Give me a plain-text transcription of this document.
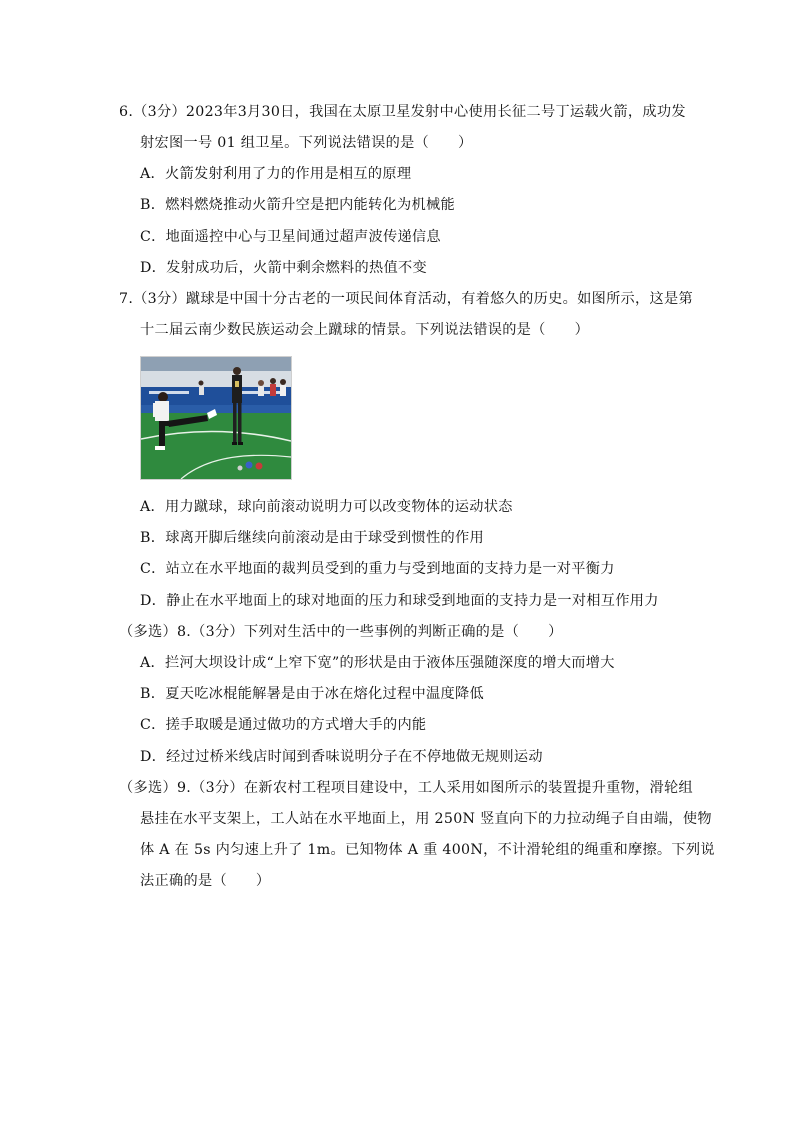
6.（3分）2023年3月30日，我国在太原卫星发射中心使用长征二号丁运载火箭，成功发
射宏图一号 01 组卫星。下列说法错误的是（　　）
A．火箭发射利用了力的作用是相互的原理
B．燃料燃烧推动火箭升空是把内能转化为机械能
C．地面遥控中心与卫星间通过超声波传递信息
D．发射成功后，火箭中剩余燃料的热值不变
7.（3分）蹴球是中国十分古老的一项民间体育活动，有着悠久的历史。如图所示，这是第
十二届云南少数民族运动会上蹴球的情景。下列说法错误的是（　　）
A．用力蹴球，球向前滚动说明力可以改变物体的运动状态
B．球离开脚后继续向前滚动是由于球受到惯性的作用
C．站立在水平地面的裁判员受到的重力与受到地面的支持力是一对平衡力
D．静止在水平地面上的球对地面的压力和球受到地面的支持力是一对相互作用力
（多选）8.（3分）下列对生活中的一些事例的判断正确的是（　　）
A．拦河大坝设计成“上窄下宽”的形状是由于液体压强随深度的增大而增大
B．夏天吃冰棍能解暑是由于冰在熔化过程中温度降低
C．搓手取暖是通过做功的方式增大手的内能
D．经过过桥米线店时闻到香味说明分子在不停地做无规则运动
（多选）9.（3分）在新农村工程项目建设中，工人采用如图所示的装置提升重物，滑轮组
悬挂在水平支架上，工人站在水平地面上，用 250N 竖直向下的力拉动绳子自由端，使物
体 A 在 5s 内匀速上升了 1m。已知物体 A 重 400N，不计滑轮组的绳重和摩擦。下列说
法正确的是（　　）
